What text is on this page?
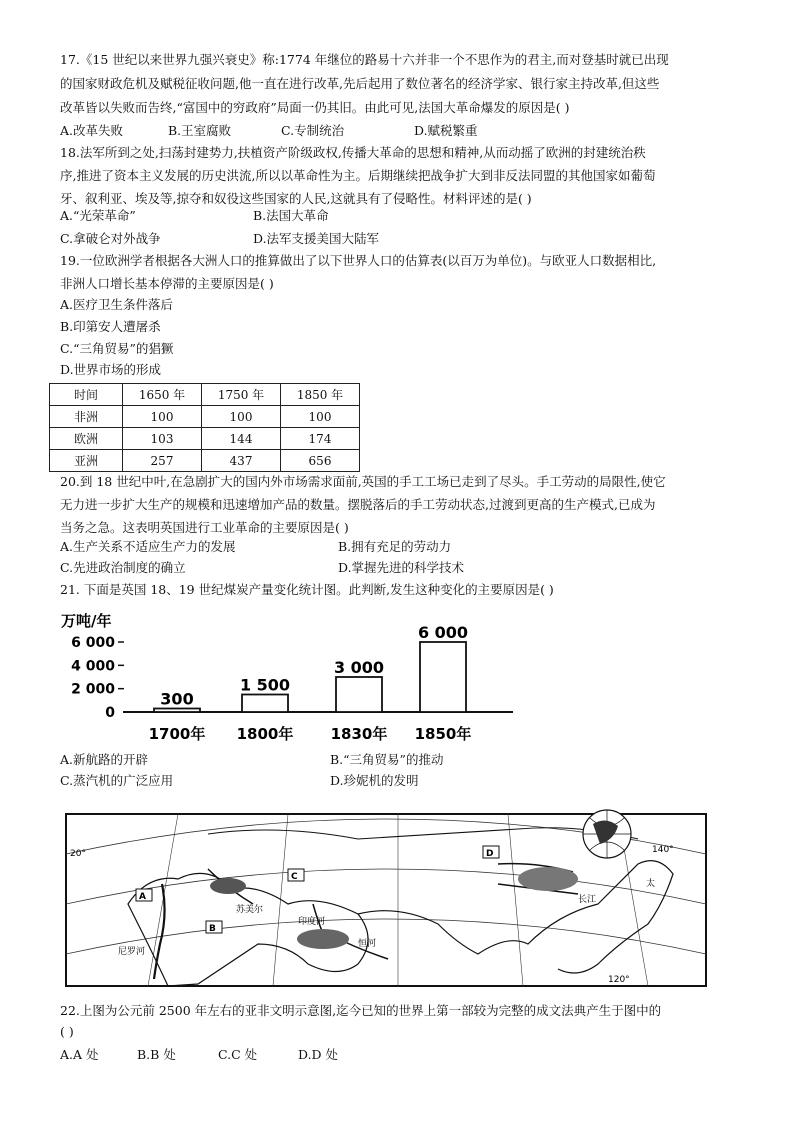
17.《15 世纪以来世界九强兴衰史》称:1774 年继位的路易十六并非一个不思作为的君主,而对登基时就已出现
的国家财政危机及赋税征收问题,他一直在进行改革,先后起用了数位著名的经济学家、银行家主持改革,但这些
改革皆以失败而告终,“富国中的穷政府”局面一仍其旧。由此可见,法国大革命爆发的原因是( )
A.改革失败	B.王室腐败	C.专制统治	D.赋税繁重
18.法军所到之处,扫荡封建势力,扶植资产阶级政权,传播大革命的思想和精神,从而动摇了欧洲的封建统治秩
序,推进了资本主义发展的历史洪流,所以以革命性为主。后期继续把战争扩大到非反法同盟的其他国家如葡萄
牙、叙利亚、埃及等,掠夺和奴役这些国家的人民,这就具有了侵略性。材料评述的是( )
A.“光荣革命”	B.法国大革命
C.拿破仑对外战争	D.法军支援美国大陆军
19.一位欧洲学者根据各大洲人口的推算做出了以下世界人口的估算表(以百万为单位)。与欧亚人口数据相比,
非洲人口增长基本停滞的主要原因是( )
A.医疗卫生条件落后
B.印第安人遭屠杀
C.“三角贸易”的猖獗
D.世界市场的形成
时间	1650 年	1750 年	1850 年
非洲	100	100	100
欧洲	103	144	174
亚洲	257	437	656
20.到 18 世纪中叶,在急剧扩大的国内外市场需求面前,英国的手工工场已走到了尽头。手工劳动的局限性,使它
无力进一步扩大生产的规模和迅速增加产品的数量。摆脱落后的手工劳动状态,过渡到更高的生产模式,已成为
当务之急。这表明英国进行工业革命的主要原因是( )
A.生产关系不适应生产力的发展	B.拥有充足的劳动力
C.先进政治制度的确立	D.掌握先进的科学技术
21. 下面是英国 18、19 世纪煤炭产量变化统计图。此判断,发生这种变化的主要原因是( )
万吨/年
0
2 000
4 000
6 000
300
1 500
3 000
6 000
1700年 1800年 1830年 1850年
A.新航路的开辟	B.“三角贸易”的推动
C.蒸汽机的广泛应用	D.珍妮机的发明
A
B
C
D
苏美尔
长江
印度河
恒河
尼罗河
太
20°	140°
120°
22.上图为公元前 2500 年左右的亚非文明示意图,迄今已知的世界上第一部较为完整的成文法典产生于图中的
( )
A.A 处	B.B 处	C.C 处	D.D 处
